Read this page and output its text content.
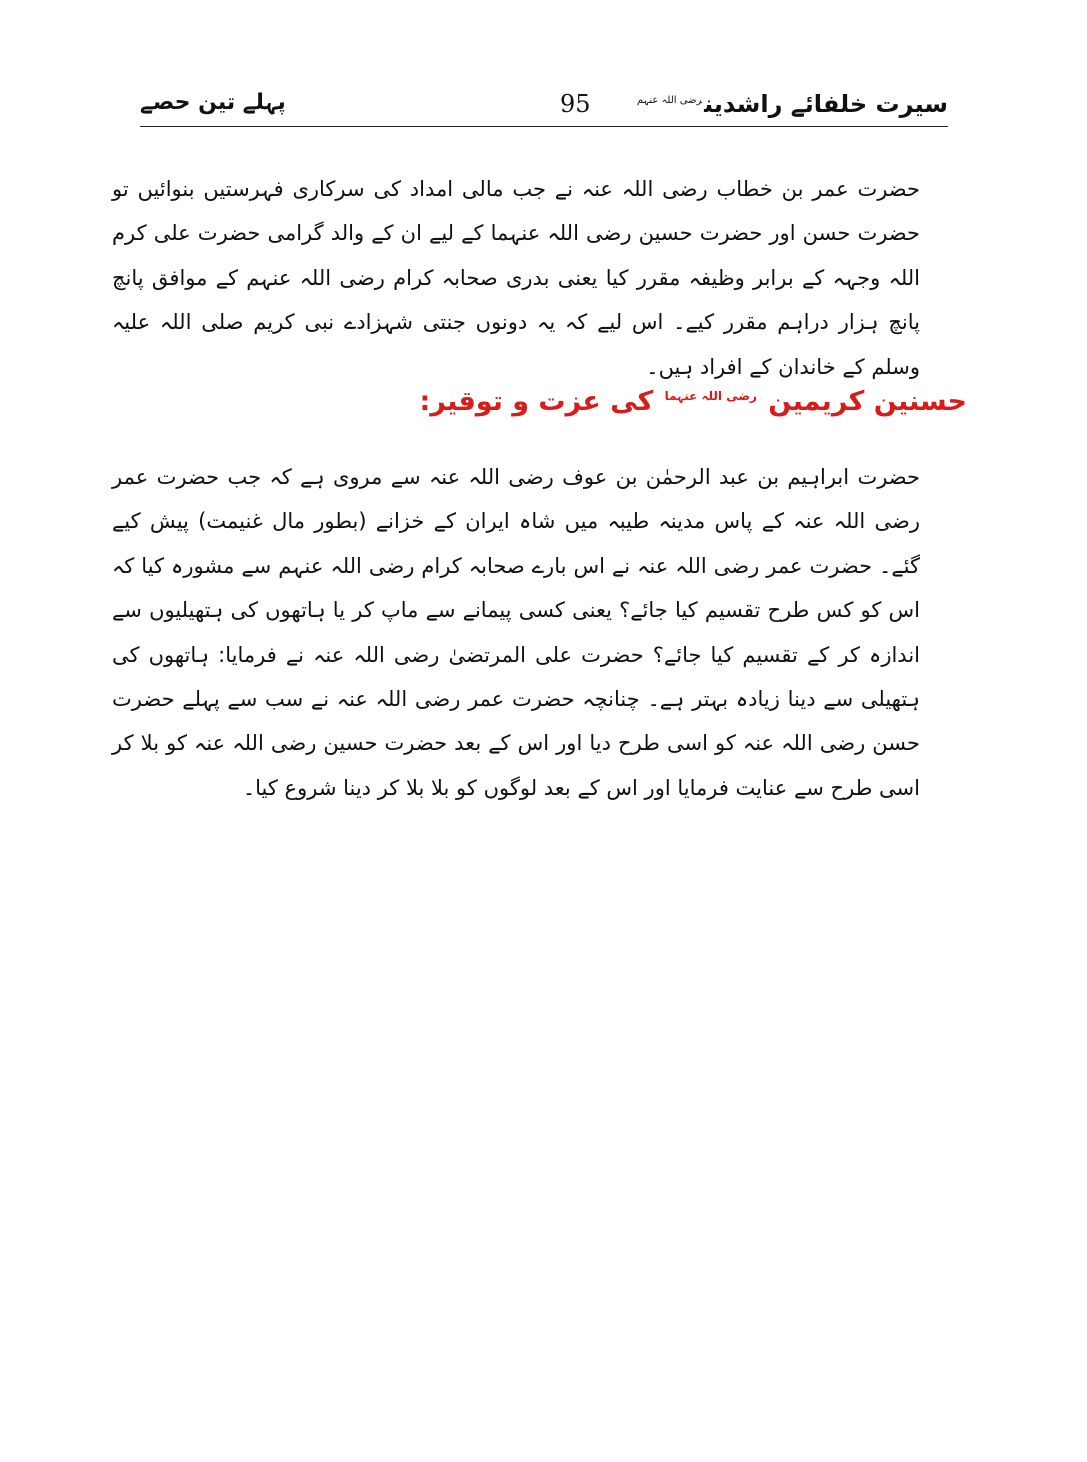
سیرت خلفائے راشدین$^{رضی اللہ عنہم}$
95
پہلے تین حصے

حضرت عمر بن خطاب رضی اللہ عنہ نے جب مالی امداد کی سرکاری فہرستیں بنوائیں تو حضرت حسن اور حضرت حسین رضی اللہ عنہما کے لیے ان کے والد گرامی حضرت علی کرم اللہ وجہہ کے برابر وظیفہ مقرر کیا یعنی بدری صحابہ کرام رضی اللہ عنہم کے موافق پانچ پانچ ہزار دراہم مقرر کیے۔ اس لیے کہ یہ دونوں جنتی شہزادے نبی کریم صلی اللہ علیہ وسلم کے خاندان کے افراد ہیں۔

حسنین کریمین $^{رضی اللہ عنہما}$ کی عزت و توقیر:

حضرت ابراہیم بن عبد الرحمٰن بن عوف رضی اللہ عنہ سے مروی ہے کہ جب حضرت عمر رضی اللہ عنہ کے پاس مدینہ طیبہ میں شاہ ایران کے خزانے (بطور مال غنیمت) پیش کیے گئے۔ حضرت عمر رضی اللہ عنہ نے اس بارے صحابہ کرام رضی اللہ عنہم سے مشورہ کیا کہ اس کو کس طرح تقسیم کیا جائے؟ یعنی کسی پیمانے سے ماپ کر یا ہاتھوں کی ہتھیلیوں سے اندازہ کر کے تقسیم کیا جائے؟ حضرت علی المرتضیٰ رضی اللہ عنہ نے فرمایا: ہاتھوں کی ہتھیلی سے دینا زیادہ بہتر ہے۔ چنانچہ حضرت عمر رضی اللہ عنہ نے سب سے پہلے حضرت حسن رضی اللہ عنہ کو اسی طرح دیا اور اس کے بعد حضرت حسین رضی اللہ عنہ کو بلا کر اسی طرح سے عنایت فرمایا اور اس کے بعد لوگوں کو بلا بلا کر دینا شروع کیا۔
